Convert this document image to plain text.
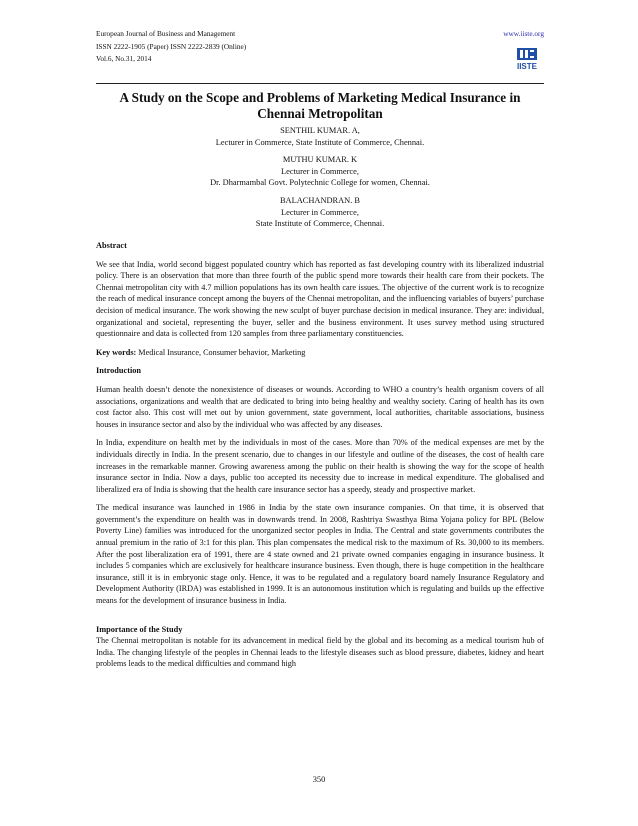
European Journal of Business and Management	www.iiste.org
ISSN 2222-1905 (Paper) ISSN 2222-2839 (Online)
Vol.6, No.31, 2014
IISTE
A Study on the Scope and Problems of Marketing Medical Insurance in Chennai Metropolitan
SENTHIL KUMAR. A,
Lecturer in Commerce, State Institute of Commerce, Chennai.
MUTHU KUMAR. K
Lecturer in Commerce,
Dr. Dharmambal Govt. Polytechnic College for women, Chennai.
BALACHANDRAN. B
Lecturer in Commerce,
State Institute of Commerce, Chennai.
Abstract

We see that India, world second biggest populated country which has reported as fast developing country with its liberalized industrial policy. There is an observation that more than three fourth of the public spend more towards their health care from their pockets. The Chennai metropolitan city with 4.7 million populations has its own health care issues. The objective of the current work is to recognize the reach of medical insurance concept among the buyers of the Chennai metropolitan, and the influencing variables of buyers’ purchase decision of medical insurance. The work showing the new sculpt of buyer purchase decision in medical insurance. They are: individual, organizational and societal, representing the buyer, seller and the business environment. It uses survey method using structured questionnaire and data is collected from 120 samples from three parliamentary constituencies.

Key words: Medical Insurance, Consumer behavior, Marketing

Introduction

Human health doesn’t denote the nonexistence of diseases or wounds. According to WHO a country’s health organism covers of all associations, organizations and wealth that are dedicated to bring into being healthy and wealthy society. Caring of health has its own cost factor also. This cost will met out by union government, state government, local authorities, charitable associations, business houses in insurance sector and also by the individual who was affected by any diseases.

In India, expenditure on health met by the individuals in most of the cases. More than 70% of the medical expenses are met by the individuals directly in India. In the present scenario, due to changes in our lifestyle and outline of the diseases, the cost of health care increases in the remarkable manner. Growing awareness among the public on their health is showing the way for the scope of health insurance sector in India. Now a days, public too accepted its necessity due to increase in medical expenditure. The globalised and liberalized era of India is showing that the health care insurance sector has a speedy, steady and prospective market.

The medical insurance was launched in 1986 in India by the state own insurance companies. On that time, it is observed that government’s the expenditure on health was in downwards trend. In 2008, Rashtriya Swasthya Bima Yojana policy for BPL (Below Poverty Line) families was introduced for the unorganized sector peoples in India. The Central and state governments contributes the annual premium in the ratio of 3:1 for this plan. This plan compensates the medical risk to the maximum of Rs. 30,000 to its members. After the post liberalization era of 1991, there are 4 state owned and 21 private owned companies engaging in insurance business. It includes 5 companies which are exclusively for healthcare insurance business. Even though, there is huge competition in the healthcare insurance, still it is in embryonic stage only. Hence, it was to be regulated and a regulatory board namely Insurance Regulatory and Development Authority (IRDA) was established in 1999. It is an autonomous institution which is regulating and builds up the effective means for the development of insurance business in India.

Importance of the Study

The Chennai metropolitan is notable for its advancement in medical field by the global and its becoming as a medical tourism hub of India. The changing lifestyle of the peoples in Chennai leads to the lifestyle diseases such as blood pressure, diabetes, kidney and heart problems leads to the medical difficulties and command high

350
